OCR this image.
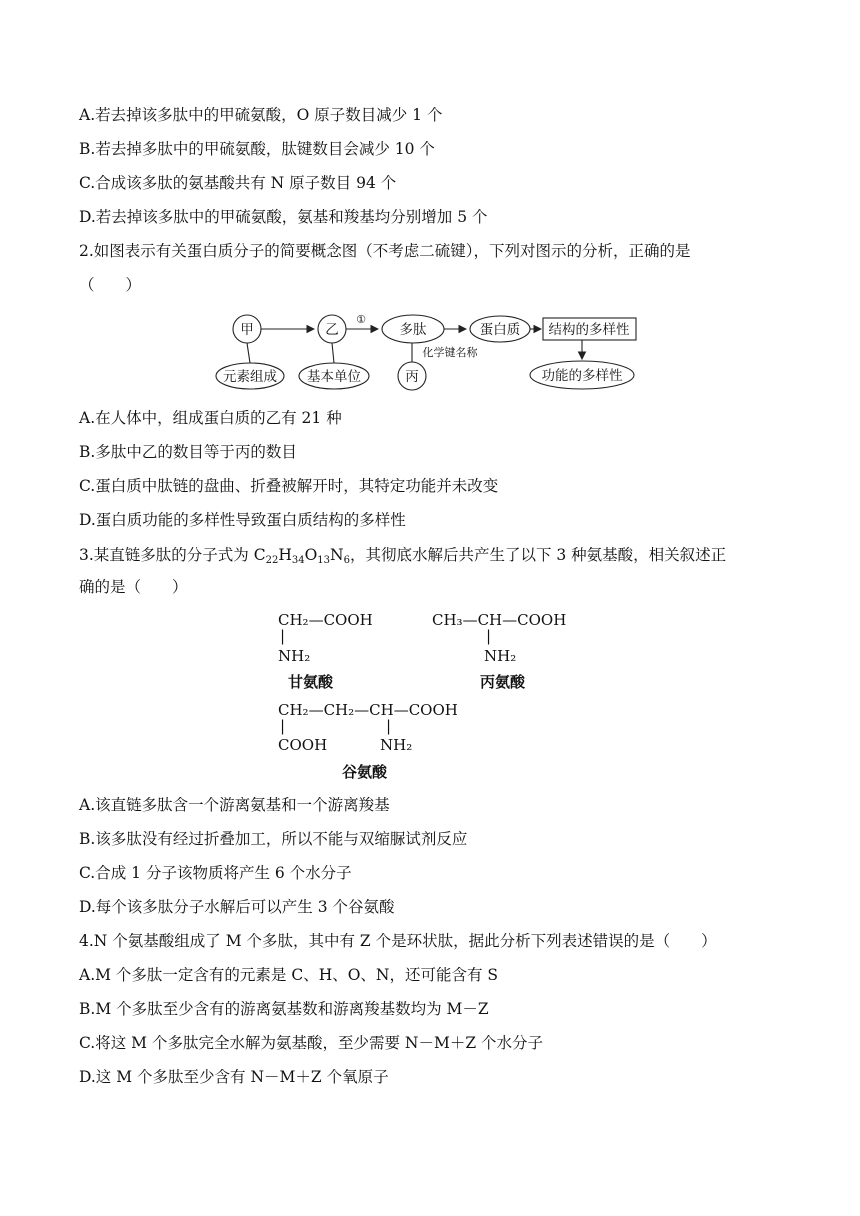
A.若去掉该多肽中的甲硫氨酸，O 原子数目减少 1 个
B.若去掉多肽中的甲硫氨酸，肽键数目会减少 10 个
C.合成该多肽的氨基酸共有 N 原子数目 94 个
D.若去掉该多肽中的甲硫氨酸，氨基和羧基均分别增加 5 个
2.如图表示有关蛋白质分子的简要概念图（不考虑二硫键），下列对图示的分析，正确的是
（　　）
甲	乙
①
多肽	蛋白质 结构的多样性
元素组成 基本单位	丙
化学键名称
功能的多样性
A.在人体中，组成蛋白质的乙有 21 种
B.多肽中乙的数目等于丙的数目
C.蛋白质中肽链的盘曲、折叠被解开时，其特定功能并未改变
D.蛋白质功能的多样性导致蛋白质结构的多样性
3.某直链多肽的分子式为 $C_{22}H_{34}O_{13}N_6$，其彻底水解后共产生了以下 3 种氨基酸，相关叙述正
确的是（　　）
CH₂—COOH
|
NH₂
CH₃—CH—COOH
|
NH₂
CH₂—CH₂—CH—COOH
|	|
COOH	NH₂
甘氨酸	丙氨酸
谷氨酸
A.该直链多肽含一个游离氨基和一个游离羧基
B.该多肽没有经过折叠加工，所以不能与双缩脲试剂反应
C.合成 1 分子该物质将产生 6 个水分子
D.每个该多肽分子水解后可以产生 3 个谷氨酸
4.N 个氨基酸组成了 M 个多肽，其中有 Z 个是环状肽，据此分析下列表述错误的是（　　）
A.M 个多肽一定含有的元素是 C、H、O、N，还可能含有 S
B.M 个多肽至少含有的游离氨基数和游离羧基数均为 M－Z
C.将这 M 个多肽完全水解为氨基酸，至少需要 N－M＋Z 个水分子
D.这 M 个多肽至少含有 N－M＋Z 个氧原子
